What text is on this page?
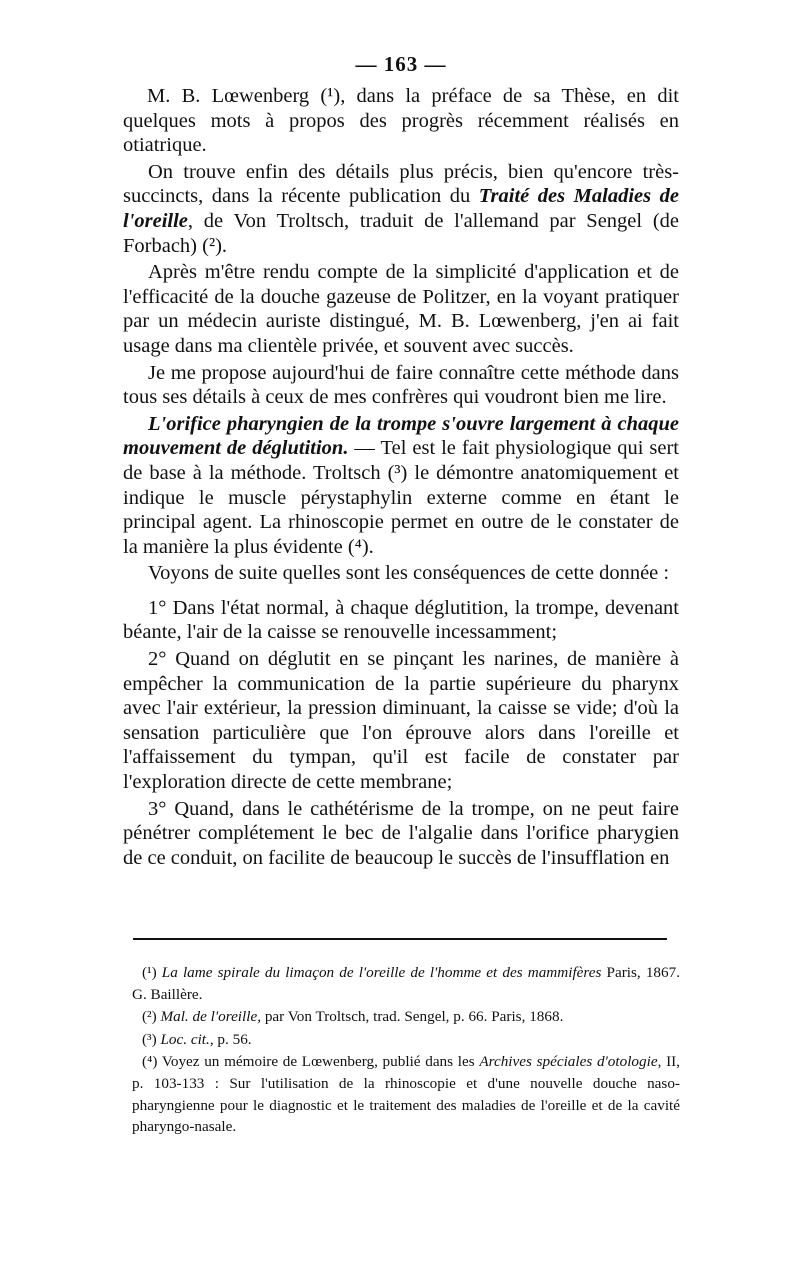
— 163 —

M. B. Lœwenberg (¹), dans la préface de sa Thèse, en dit quelques mots à propos des progrès récemment réalisés en otiatrique.

On trouve enfin des détails plus précis, bien qu'encore très-succincts, dans la récente publication du Traité des Maladies de l'oreille, de Von Troltsch, traduit de l'allemand par Sengel (de Forbach) (²).

Après m'être rendu compte de la simplicité d'application et de l'efficacité de la douche gazeuse de Politzer, en la voyant pratiquer par un médecin auriste distingué, M. B. Lœwenberg, j'en ai fait usage dans ma clientèle privée, et souvent avec succès.

Je me propose aujourd'hui de faire connaître cette méthode dans tous ses détails à ceux de mes confrères qui voudront bien me lire.

L'orifice pharyngien de la trompe s'ouvre largement à chaque mouvement de déglutition. — Tel est le fait physiologique qui sert de base à la méthode. Troltsch (³) le démontre anatomiquement et indique le muscle pérystaphylin externe comme en étant le principal agent. La rhinoscopie permet en outre de le constater de la manière la plus évidente (⁴).

Voyons de suite quelles sont les conséquences de cette donnée :

1° Dans l'état normal, à chaque déglutition, la trompe, devenant béante, l'air de la caisse se renouvelle incessamment;

2° Quand on déglutit en se pinçant les narines, de manière à empêcher la communication de la partie supérieure du pharynx avec l'air extérieur, la pression diminuant, la caisse se vide; d'où la sensation particulière que l'on éprouve alors dans l'oreille et l'affaissement du tympan, qu'il est facile de constater par l'exploration directe de cette membrane;

3° Quand, dans le cathétérisme de la trompe, on ne peut faire pénétrer complétement le bec de l'algalie dans l'orifice pharygien de ce conduit, on facilite de beaucoup le succès de l'insufflation en

(¹) La lame spirale du limaçon de l'oreille de l'homme et des mammifères Paris, 1867. G. Baillère.

(²) Mal. de l'oreille, par Von Troltsch, trad. Sengel, p. 66. Paris, 1868.

(³) Loc. cit., p. 56.

(⁴) Voyez un mémoire de Lœwenberg, publié dans les Archives spéciales d'otologie, II, p. 103-133 : Sur l'utilisation de la rhinoscopie et d'une nouvelle douche naso-pharyngienne pour le diagnostic et le traitement des maladies de l'oreille et de la cavité pharyngo-nasale.
